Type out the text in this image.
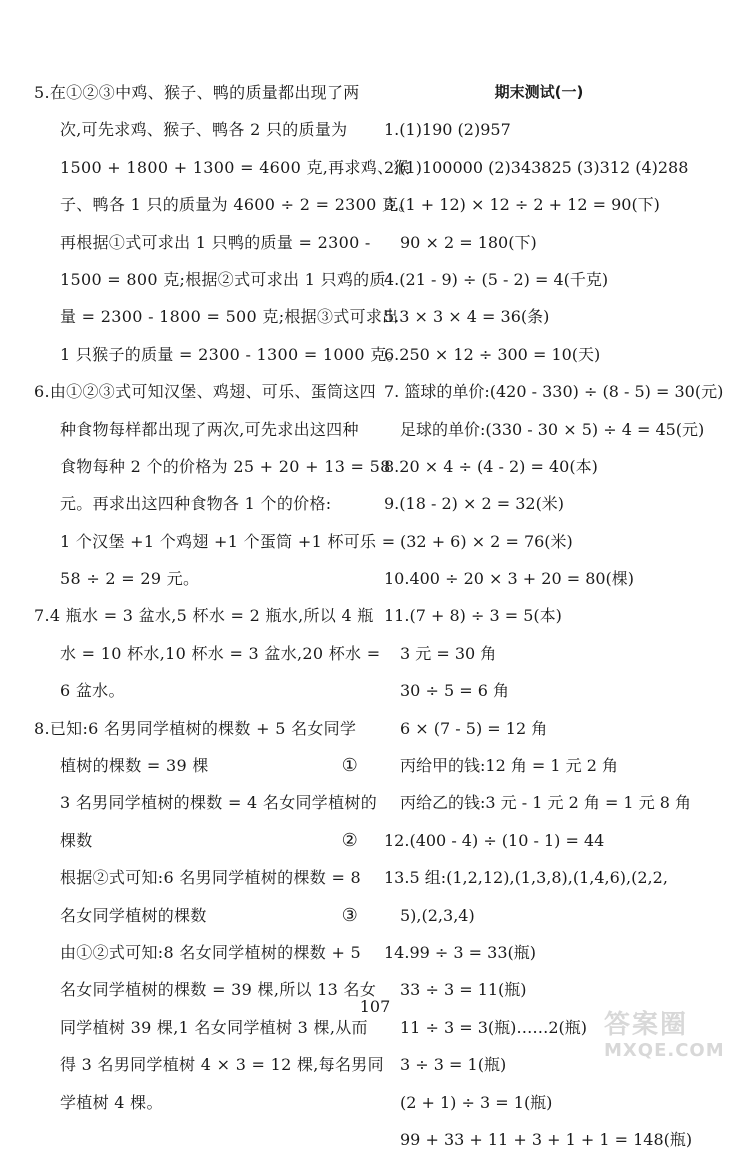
5.在①②③中鸡、猴子、鸭的质量都出现了两
次,可先求鸡、猴子、鸭各 2 只的质量为
1500 + 1800 + 1300 = 4600 克,再求鸡、猴
子、鸭各 1 只的质量为 4600 ÷ 2 = 2300 克。
再根据①式可求出 1 只鸭的质量 = 2300 -
1500 = 800 克;根据②式可求出 1 只鸡的质
量 = 2300 - 1800 = 500 克;根据③式可求出
1 只猴子的质量 = 2300 - 1300 = 1000 克。
6.由①②③式可知汉堡、鸡翅、可乐、蛋筒这四
种食物每样都出现了两次,可先求出这四种
食物每种 2 个的价格为 25 + 20 + 13 = 58
元。再求出这四种食物各 1 个的价格:
1 个汉堡 +1 个鸡翅 +1 个蛋筒 +1 杯可乐 =
58 ÷ 2 = 29 元。
7.4 瓶水 = 3 盆水,5 杯水 = 2 瓶水,所以 4 瓶
水 = 10 杯水,10 杯水 = 3 盆水,20 杯水 =
6 盆水。
8.已知:6 名男同学植树的棵数 + 5 名女同学
植树的棵数 = 39 棵	①
3 名男同学植树的棵数 = 4 名女同学植树的
棵数	②
根据②式可知:6 名男同学植树的棵数 = 8
名女同学植树的棵数	③
由①②式可知:8 名女同学植树的棵数 + 5
名女同学植树的棵数 = 39 棵,所以 13 名女
同学植树 39 棵,1 名女同学植树 3 棵,从而
得 3 名男同学植树 4 × 3 = 12 棵,每名男同
学植树 4 棵。
期末测试(一)
1.(1)190 (2)957
2.(1)100000 (2)343825 (3)312 (4)288
3.(1 + 12) × 12 ÷ 2 + 12 = 90(下)
90 × 2 = 180(下)
4.(21 - 9) ÷ (5 - 2) = 4(千克)
5.3 × 3 × 4 = 36(条)
6.250 × 12 ÷ 300 = 10(天)
7. 篮球的单价:(420 - 330) ÷ (8 - 5) = 30(元)
足球的单价:(330 - 30 × 5) ÷ 4 = 45(元)
8.20 × 4 ÷ (4 - 2) = 40(本)
9.(18 - 2) × 2 = 32(米)
(32 + 6) × 2 = 76(米)
10.400 ÷ 20 × 3 + 20 = 80(棵)
11.(7 + 8) ÷ 3 = 5(本)
3 元 = 30 角
30 ÷ 5 = 6 角
6 × (7 - 5) = 12 角
丙给甲的钱:12 角 = 1 元 2 角
丙给乙的钱:3 元 - 1 元 2 角 = 1 元 8 角
12.(400 - 4) ÷ (10 - 1) = 44
13.5 组:(1,2,12),(1,3,8),(1,4,6),(2,2,
5),(2,3,4)
14.99 ÷ 3 = 33(瓶)
33 ÷ 3 = 11(瓶)
11 ÷ 3 = 3(瓶)……2(瓶)
3 ÷ 3 = 1(瓶)
(2 + 1) ÷ 3 = 1(瓶)
99 + 33 + 11 + 3 + 1 + 1 = 148(瓶)
107
答案圈
MXQE.COM
